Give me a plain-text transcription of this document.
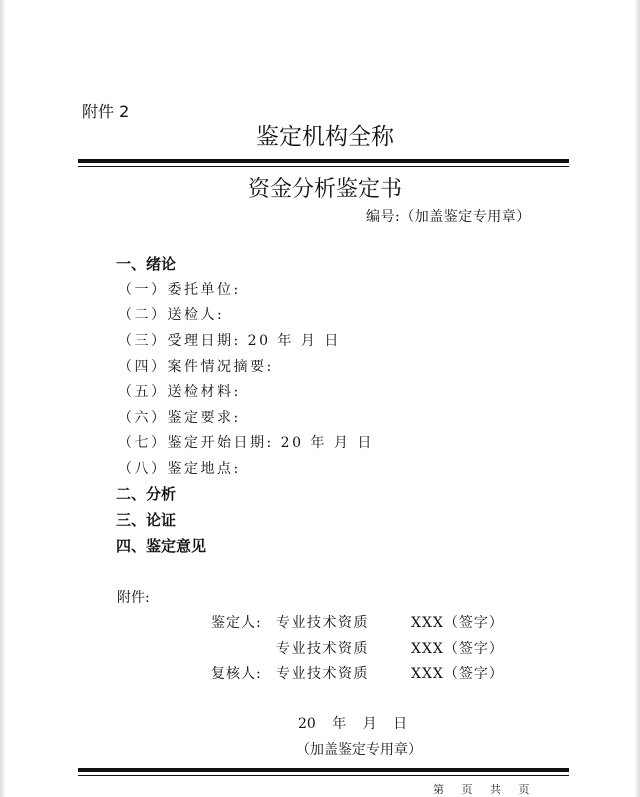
附件 2
鉴定机构全称
资金分析鉴定书
编号:（加盖鉴定专用章）
一、绪论
（一）委托单位:
（二）送检人:
（三）受理日期: 20 年 月 日
（四）案件情况摘要:
（五）送检材料:
（六）鉴定要求:
（七）鉴定开始日期: 20 年 月 日
（八）鉴定地点:
二、分析
三、论证
四、鉴定意见
附件:
鉴定人: 专业技术资质	XXX（签字）
专业技术资质	XXX（签字）
复核人: 专业技术资质	XXX（签字）
20 年 月 日
（加盖鉴定专用章）
第 页 共 页
